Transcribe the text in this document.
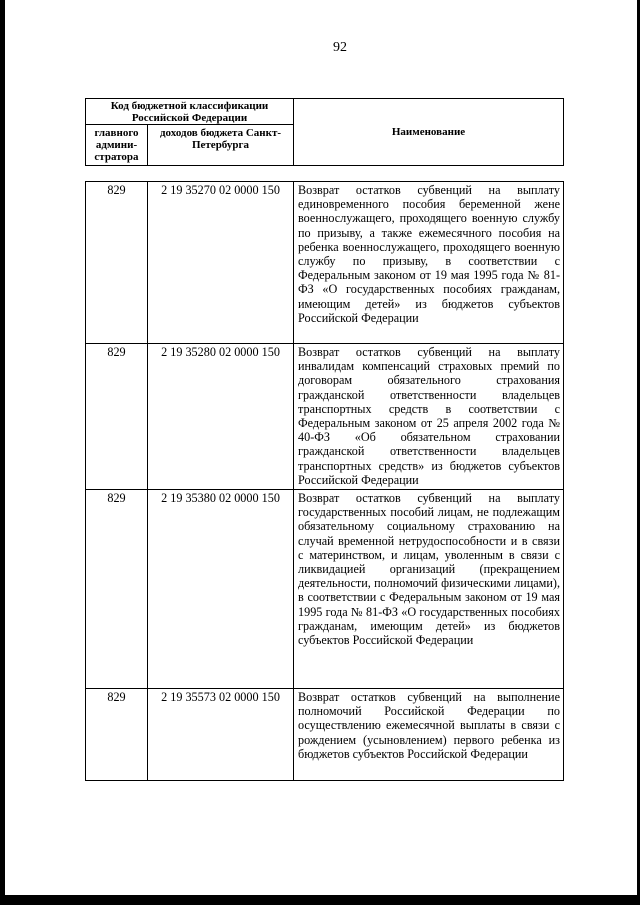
92
Код бюджетной классификации Российской Федерации		Наименование
главного админи-стратора	доходов бюджета Санкт-Петербурга	
829	2 19 35270 02 0000 150	Возврат остатков субвенций на выплату единовременного пособия беременной жене военнослужащего, проходящего военную службу по призыву, а также ежемесячного пособия на ребенка военнослужащего, проходящего военную службу по призыву, в соответствии с Федеральным законом от 19 мая 1995 года № 81-ФЗ «О государственных пособиях гражданам, имеющим детей» из бюджетов субъектов Российской Федерации
829	2 19 35280 02 0000 150	Возврат остатков субвенций на выплату инвалидам компенсаций страховых премий по договорам обязательного страхования гражданской ответственности владельцев транспортных средств в соответствии с Федеральным законом от 25 апреля 2002 года № 40-ФЗ «Об обязательном страховании гражданской ответственности владельцев транспортных средств» из бюджетов субъектов Российской Федерации
829	2 19 35380 02 0000 150	Возврат остатков субвенций на выплату государственных пособий лицам, не подлежащим обязательному социальному страхованию на случай временной нетрудоспособности и в связи с материнством, и лицам, уволенным в связи с ликвидацией организаций (прекращением деятельности, полномочий физическими лицами), в соответствии с Федеральным законом от 19 мая 1995 года № 81-ФЗ «О государственных пособиях гражданам, имеющим детей» из бюджетов субъектов Российской Федерации
829	2 19 35573 02 0000 150	Возврат остатков субвенций на выполнение полномочий Российской Федерации по осуществлению ежемесячной выплаты в связи с рождением (усыновлением) первого ребенка из бюджетов субъектов Российской Федерации
